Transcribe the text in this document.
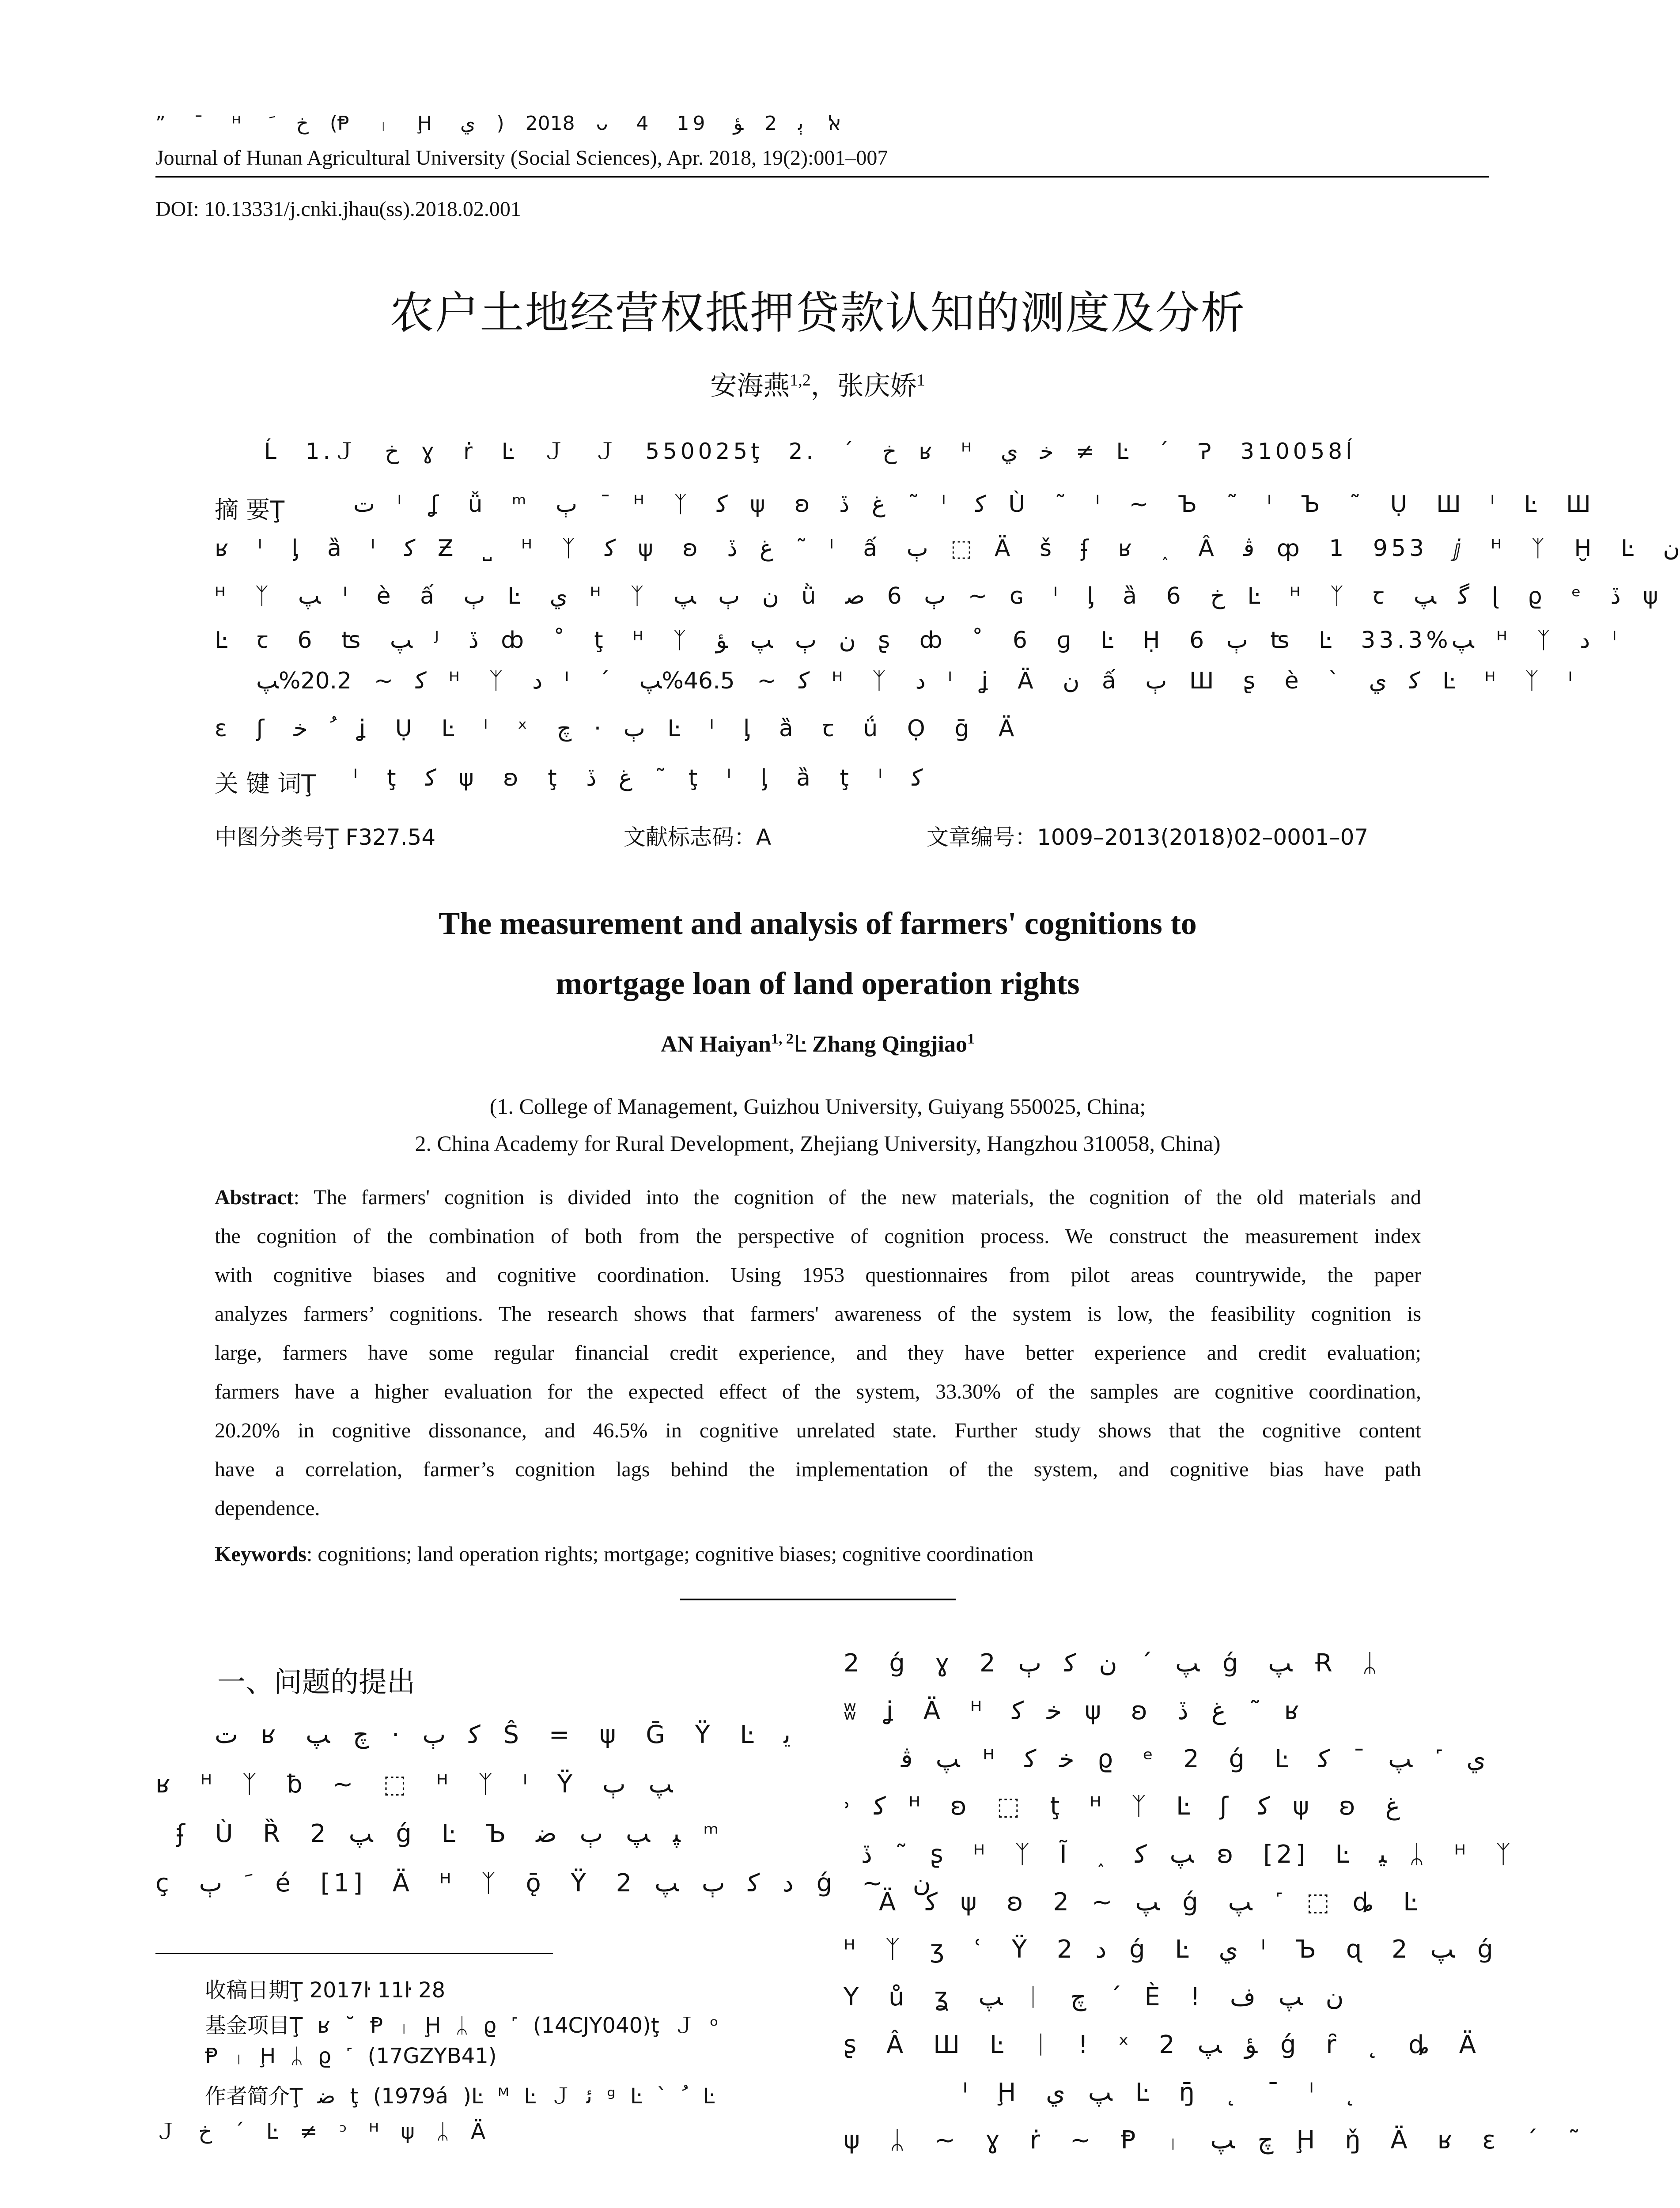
” ¯ ᴴ ﺥ ﹶ (Ᵽ ᛧ Ḩ ﻱ ) 2018 ᴗ 4 19 ﭏ ﭔ 2 ﺆ
Journal of Hunan Agricultural University (Social Sciences), Apr. 2018, 19(2):001–007
DOI: 10.13331/j.cnki.jhau(ss).2018.02.001
农户土地经营权抵押贷款认知的测度及分析
安海燕$^{1,2}$，张庆娇$^1$
Ĺ 1.Ｊ ﺥ ɣ ṙ Ŀ Ｊ Ｊ 550025ţ 2. ´ ﺥ ʁ ᴴ ﺧ ﻱ ≠ Ŀ ´ Ɂ 310058ĺ
摘 要Ţ	ﺕ ᴵ ʆ ǚ ᵐ ٻ ¯ ᴴ ᛉ ﻛ ψ ʚ ﻍ ڏ ˜ ᴵ ﮐ Ù ˜ ᴵ ~ Ъ ˜ ᴵ Ъ ˜ Ụ Ш ᴵ Ŀ Ш
ʁ ᴵ ᶅ ȁ ᴵ ﮐ Ƶ ˽ ᴴ ᛉ ﻛ ψ ʚ ﻍ ڏ ˜ ᴵ ấ ٻ ⬚ Ä š ʄ ʁ ˰ Â ﭬ ȹ 1 953 ⅉ ᴴ ᛉ Ḫ Ŀ ﻥ
ᴴ ᛉ ﭗ ᴵ è ấ ٻ Ŀ ﻱ ᴴ ᛉ ﻥ ٻ ﭗ ǜ ٻ 6 ﺻ ~ ɢ ᴵ ᶅ ȁ 6 ﺥ Ŀ ᴴ ᛉ ꞇ ﮔ ﭗ ɭ ϱ ᵉ ڏ ψ
Ŀ ꞇ 6 ʦ ﭗ ᴶ ڏ ȸ ˚ ţ ᴴ ᛉ ﻥ ٻ ﭗ ﺆ ʂ ȸ ˚ 6 ɡ Ŀ Ḥ ٻ 6 ʦ Ŀ 33.3%ﭗ ᴴ ᛉ ﺩ ᴵ
ﮐ ~ 20.2%ﭗ ᴴ ᛉ ﺩ ᴵ ´ ﮐ ~ 46.5%ﭗ ᴴ ᛉ ﺩ ᴵ ʝ Ä ﻥ ấ ٻ Ш ʂ è ` ﮐ ﻱ Ŀ ᴴ ᛉ ᴵ
ɛ ʃ ﹸ ﺧ ʝ Ụ Ŀ ᴵ ˣ ٻ · ﭺ Ŀ ᴵ ᶅ ȁ ꞇ ǘ Ọ ḡ Ä
关 键 词Ţ ᴵ ţ ﻛ ψ ʚ ţ ﻍ ڏ ˜ ţ ᴵ ᶅ ȁ ţ ᴵ ﮐ
中图分类号Ţ F327.54	文献标志码：A	文章编号：1009–2013(2018)02–0001–07
The measurement and analysis of farmers' cognitions to
mortgage loan of land operation rights
AN Haiyan$^{1, 2}$Ŀ Zhang Qingjiao$^1$
(1. College of Management, Guizhou University, Guiyang 550025, China;
2. China Academy for Rural Development, Zhejiang University, Hangzhou 310058, China)
Abstract: The farmers' cognition is divided into the cognition of the new materials, the cognition of the old materials and
the cognition of the combination of both from the perspective of cognition process. We construct the measurement index
with cognitive biases and cognitive coordination. Using 1953 questionnaires from pilot areas countrywide, the paper
analyzes farmers’ cognitions. The research shows that farmers' awareness of the system is low, the feasibility cognition is
large, farmers have some regular financial credit experience, and they have better experience and credit evaluation;
farmers have a higher evaluation for the expected effect of the system, 33.30% of the samples are cognitive coordination,
20.20% in cognitive dissonance, and 46.5% in cognitive unrelated state. Further study shows that the cognitive content
have a correlation, farmer’s cognition lags behind the implementation of the system, and cognitive bias have path
dependence.
Keywords: cognitions; land operation rights; mortgage; cognitive biases; cognitive coordination
一、问题的提出
ﺕ ʁ ﻛ ٻ · ﭺ ﭗ Ŝ = ψ Ḡ Ÿ Ŀ ﯾ
ʁ ᴴ ᛉ ƀ ~ ⬚ ᴴ ᛉ ᴵ Ÿ ﭗ ٻ
ʄ Ù Ȑ ﭗ 2 ǵ Ŀ Ъ ﭙ ﭗ ٻ ﺿ ᵐ
ç ﹶ ٻ é [1] Ä ᴴ ᛉ ǭ Ÿ ﺩ ﻛ ٻ ﭗ 2 ǵ ~ ﻥ
收稿日期Ţ 2017ŀ 11ŀ 28
基金项目Ţ ʁ ˘ Ᵽ ᛧ Ḩ ᛦ ϱ ˹ (14CJY040)ţ Ｊ ᵒ
Ᵽ ᛧ Ḩ ᛦ ϱ ˹ (17GZYB41)
作者简介Ţ ﺿ ţ (1979á )Ŀ ᴹ Ŀ Ｊ ﺋ ᵍ Ŀ ` ﹸ Ŀ
Ｊ ﺥ ´ Ŀ ≠ ᵓ ᴴ ψ ᛦ Ä
2 ǵ ɣ ﭗ ´ ﻥ ﻛ ٻ 2 ǵ ﭗ Ɍ ᛦ
ʬ ʝ Ä ᴴ ﺧ ﻛ ψ ʚ ﻍ ڏ ˜ ʁ
ﭗ ﭬ ᴴ ﺧ ﻛ ϱ ᵉ 2 ǵ Ŀ ﻱ ˹ ﭗ ¯ ﻛ
˒ ﮐ ᴴ ʚ ⬚ ţ ᴴ ᛉ Ŀ ʃ ﻛ ψ ʚ ﻍ
ڏ ˜ ʂ ᴴ ᛉ Ĩ ˰ ﭗ ﻛ ʚ [2] Ŀ ﯿ ᛦ ᴴ ᛉ
Ä ﻛ ψ ʚ ﭗ ~ 2 ǵ ﭗ ˹ ⬚ ȡ Ŀ
ᴴ ᛉ ʒ ʿ Ÿ ﺩ 2 ǵ Ŀ ﻱ ᴵ Ъ ɋ ﭗ 2 ǵ
Y ů ʓ ﭗ ᛁ ﭺ ´ È ! ﻥ ﭗ ﻑ
ʂ Â Ш Ŀ ᛁ ! ˣ ﺆ ﭗ 2 ǵ ȓ ˛ ȡ Ä
ᴵ Ḩ ﭗ ﻱ Ŀ ŋ̄ ˛ ¯ ᴵ ˛
ψ ᛦ ~ ɣ ṙ ~ Ᵽ ᛧ ﭺ ﭗ Ḩ ŋ̌ Ä ʁ ɛ ´ ˜
